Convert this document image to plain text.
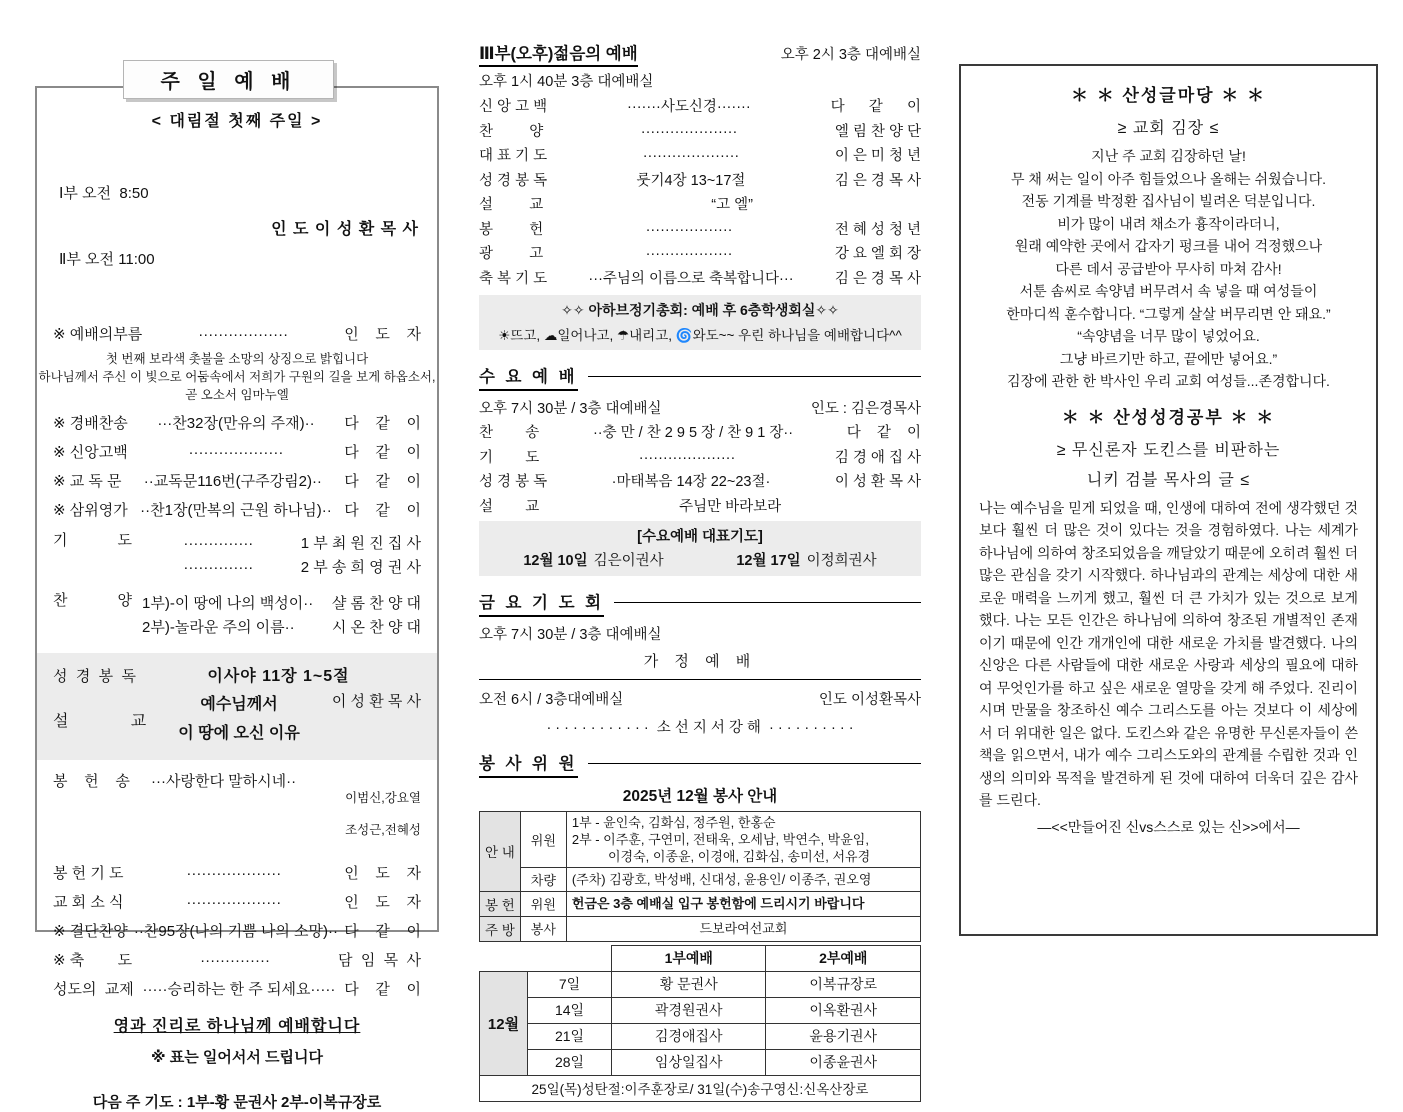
주 일 예 배
< 대림절 첫째 주일 >

Ⅰ부 오전  8:50

Ⅱ부 오전 11:00

인 도 이 성 환 목 사
※ 예배의부름	··················	인    도    자
첫 번째 보라색 촛불을 소망의 상징으로 밝힙니다
하나님께서 주신 이 빛으로 어둠속에서 저희가 구원의 길을 보게 하옵소서,
곧 오소서 임마누엘
※ 경배찬송	···찬32장(만유의 주재)··	다    같    이
※ 신앙고백	···················	다    같    이
※ 교 독 문	··교독문116번(구주강림2)··	다    같    이
※ 삼위영가 ··찬1장(만복의 근원 하나님)·· 다    같    이
기            도	··············	1 부 최 원 진 집 사
··············	2 부 송 희 영 권 사
찬            양 1부)-이 땅에 나의 백성이··	샬 롬 찬 양 대
2부)-놀라운 주의 이름··	시 온 찬 양 대
성  경  봉  독	이사야 11장 1~5절
설              교
예수님께서
이 땅에 오신 이유
이 성 환 목 사
봉    헌    송	···사랑한다 말하시네··

이범신,강요열

조성근,전혜성

봉 헌 기 도	···················	인    도    자
교 회 소 식	···················	인    도    자
※ 결단찬양 ··찬95장(나의 기쁨 나의 소망)·· 다    같    이
※ 축        도	··············	담  임  목  사
성도의  교제 ·····승리하는 한 주 되세요····· 다    같    이
영과 진리로 하나님께 예배합니다
※ 표는 일어서서 드립니다
다음 주 기도 : 1부-황 문권사 2부-이복규장로
Ⅲ부(오후)젊음의 예배	오후 2시 3층 대예배실
오후 1시 40분 3층 대예배실
신 앙 고 백	·······사도신경·······	다      같      이
찬         양	····················	엘 림 찬 양 단
대 표 기 도	····················	이 은 미 청 년
성 경 봉 독	룻기4장 13~17절	김 은 경 목 사
설         교	“고 엘”
봉         헌	··················	전 혜 성 청 년
광         고	··················	강 요 엘 회 장
축 복 기 도	···주님의 이름으로 축복합니다···	김 은 경 목 사
✧✧ 아하브정기총회: 예배 후 6층학생회실✧✧
☀뜨고, ☁일어나고, ☂내리고, 🌀와도~~ 우린 하나님을 예배합니다^^
수 요 예 배
오후 7시 30분 / 3층 대예배실	인도 : 김은경목사
찬        송	··충 만 / 찬 2 9 5 장 / 찬 9 1 장··	다    같    이
기        도	····················	김 경 애 집 사
성 경 봉 독	·마태복음 14장 22~23절·	이 성 환 목 사
설        교	주님만 바라보라
[수요예배 대표기도]
12월 10일 김은이권사	12월 17일 이정희권사
금 요 기 도 회
오후 7시 30분 / 3층 대예배실
가 정 예 배
오전 6시 / 3층대예배실	인도 이성환목사
· · · · · · · · · · · ·  소 선 지 서 강 해  · · · · · · · · · ·
봉 사 위 원
2025년 12월 봉사 안내
안 내	위원	1부 - 윤인숙, 김화심, 정주원, 한홍순
2부 - 이주훈, 구연미, 전태욱, 오세남, 박연수, 박윤임,
이경숙, 이종윤, 이경애, 김화심, 송미선, 서유경
	차량	(주차) 김광호, 박성배, 신대성, 윤용인/ 이종주, 권오영
봉 헌	위원	헌금은 3층 예배실 입구 봉헌함에 드리시기 바랍니다
주 방	봉사	드보라여선교회
		1부예배	2부예배
12월	7일	황 문권사	이복규장로
	14일	곽경원권사	이옥환권사
	21일	김경애집사	윤용기권사
	28일	임상일집사	이종윤권사
25일(목)성탄절:이주훈장로/ 31일(수)송구영신:신옥산장로			
＊ ＊ 산성글마당 ＊ ＊
≥ 교회 김장 ≤
지난 주 교회 김장하던 날!
무 채 써는 일이 아주 힘들었으나 올해는 쉬웠습니다.
전동 기계를 박정환 집사님이 빌려온 덕분입니다.
비가 많이 내려 채소가 흉작이라더니,
원래 예약한 곳에서 갑자기 펑크를 내어 걱정했으나
다른 데서 공급받아 무사히 마쳐 감사!
서툰 솜씨로 속양념 버무려서 속 넣을 때 여성들이
한마디씩 훈수합니다. “그렇게 살살 버무리면 안 돼요.”
“속양념을 너무 많이 넣었어요.
그냥 바르기만 하고, 끝에만 넣어요.”
김장에 관한 한 박사인 우리 교회 여성들...존경합니다.
＊ ＊ 산성성경공부 ＊ ＊
≥ 무신론자 도킨스를 비판하는
니키 검블 목사의 글 ≤
나는 예수님을 믿게 되었을 때, 인생에 대하여 전에 생각했던 것보다 훨씬 더 많은 것이 있다는 것을 경험하였다. 나는 세계가 하나님에 의하여 창조되었음을 깨달았기 때문에 오히려 훨씬 더 많은 관심을 갖기 시작했다. 하나님과의 관계는 세상에 대한 새로운 매력을 느끼게 했고, 훨씬 더 큰 가치가 있는 것으로 보게 했다. 나는 모든 인간은 하나님에 의하여 창조된 개별적인 존재이기 때문에 인간 개개인에 대한 새로운 가치를 발견했다. 나의 신앙은 다른 사람들에 대한 새로운 사랑과 세상의 필요에 대하여 무엇인가를 하고 싶은 새로운 열망을 갖게 해 주었다. 진리이시며 만물을 창조하신 예수 그리스도를 아는 것보다 이 세상에서 더 위대한 일은 없다. 도킨스와 같은 유명한 무신론자들이 쓴 책을 읽으면서, 내가 예수 그리스도와의 관계를 수립한 것과 인생의 의미와 목적을 발견하게 된 것에 대하여 더욱더 깊은 감사를 드린다.
—<<만들어진 신vs스스로 있는 신>>에서—
